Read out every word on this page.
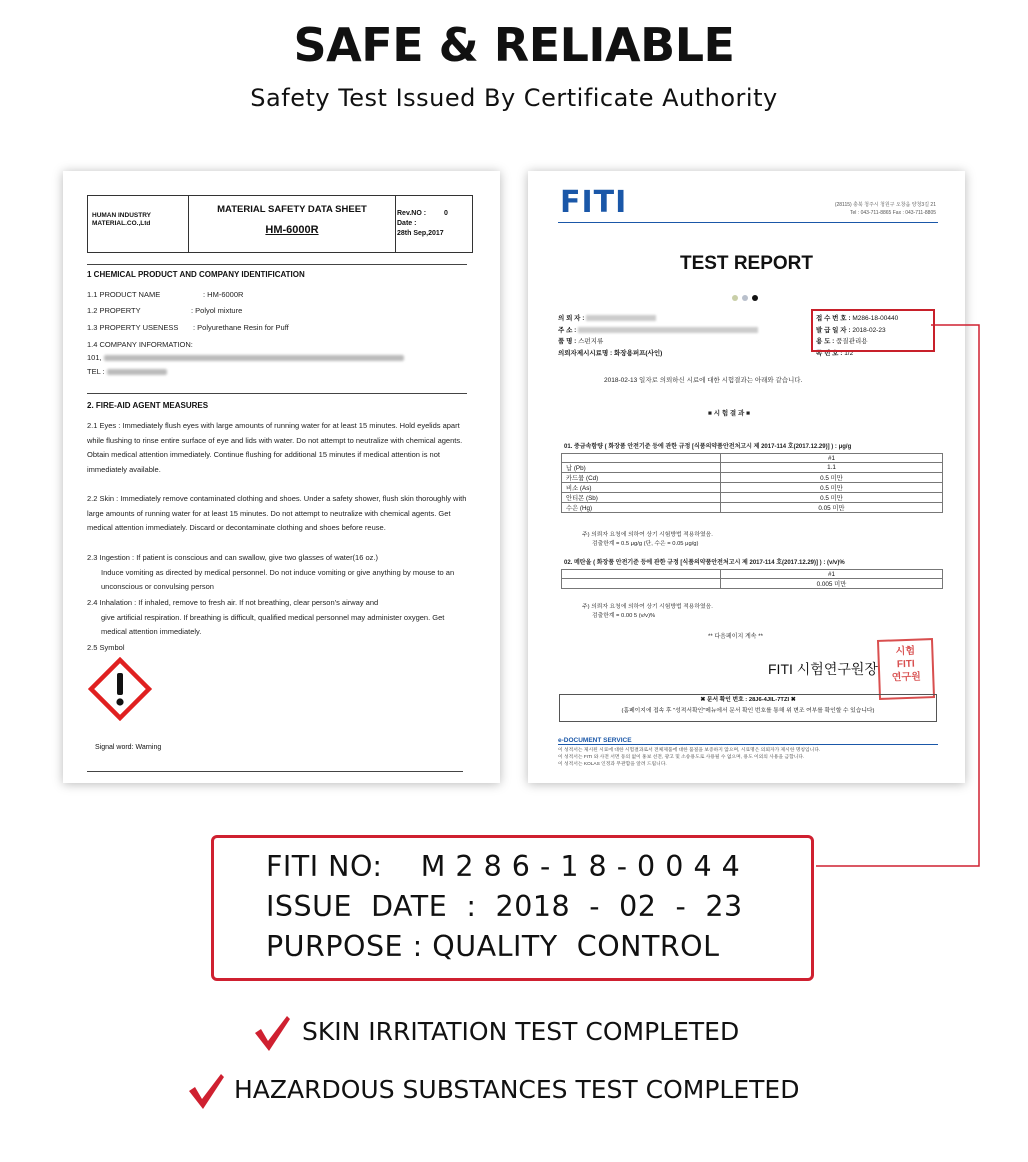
SAFE & RELIABLE
Safety Test Issued By Certificate Authority
HUMAN INDUSTRY MATERIAL.CO.,Ltd
MATERIAL SAFETY DATA SHEET
HM-6000R
Rev.NO :	0
Date :
28th Sep,2017
1 CHEMICAL PRODUCT AND COMPANY IDENTIFICATION
1.1 PRODUCT NAME	: HM-6000R
1.2 PROPERTY	: Polyol mixture
1.3 PROPERTY USENESS : Polyurethane Resin for Puff
1.4 COMPANY INFORMATION:
101,
TEL :
2. FIRE-AID AGENT MEASURES
2.1 Eyes : Immediately flush eyes with large amounts of running water for at least 15 minutes. Hold eyelids apart while flushing to rinse entire surface of eye and lids with water. Do not attempt to neutralize with chemical agents. Obtain medical attention immediately. Continue flushing for additional 15 minutes if medical attention is not immediately available.
2.2 Skin : Immediately remove contaminated clothing and shoes. Under a safety shower, flush skin thoroughly with large amounts of running water for at least 15 minutes. Do not attempt to neutralize with chemical agents. Get medical attention immediately. Discard or decontaminate clothing and shoes before reuse.
2.3 Ingestion : If patient is conscious and can swallow, give two glasses of water(16 oz.)
Induce vomiting as directed by medical personnel. Do not induce vomiting or give anything by mouse to an unconscious or convulsing person
2.4 Inhalation : If inhaled, remove to fresh air. If not breathing, clear person's airway and
give artificial respiration. If breathing is difficult, qualified medical personnel may administer oxygen. Get medical attention immediately.
2.5 Symbol
Signal word: Warning
FITI	(28115) 충북 청주시 청원구 오창읍 양청3길 21
Tel : 043-711-8865 Fax : 043-711-8805
TEST REPORT
의 뢰 자 :
주 소 :
품 명 : 스펀지류
의뢰자제시시료명 : 화장용퍼프(사인)
접 수 번 호 : M286-18-00440
발 급 일 자 : 2018-02-23
용 도 : 품질관리용
쪽 번 호 : 1/2
2018-02-13 일자로 의뢰하신 시료에 대한 시험결과는 아래와 같습니다.
■ 시 험 결 과 ■
01. 중금속함량 ( 화장품 안전기준 등에 관한 규정 [식품의약품안전처고시 제 2017-114 호(2017.12.29)] ) : μg/g
	#1
납 (Pb)	1.1
카드뮴 (Cd)	0.5 미만
비소 (As)	0.5 미만
안티몬 (Sb)	0.5 미만
수은 (Hg)	0.05 미만
주) 의뢰자 요청에 의하여 상기 시험방법 적용하였음.
검출한계 = 0.5 μg/g (단, 수은 = 0.05 μg/g)
02. 메탄올 ( 화장품 안전기준 등에 관한 규정 [식품의약품안전처고시 제 2017-114 호(2017.12.29)] ) : (v/v)%
	#1
	0.005 미만
주) 의뢰자 요청에 의하여 상기 시험방법 적용하였음.
검출한계 = 0.00 5 (v/v)%
** 다음페이지 계속 **
FITI 시험연구원장
시험
FITI
연구원
✖ 문서 확인 번호 : 28J6-4JIL-7TZI ✖
(홈페이지에 접속 후 "성적서확인"메뉴에서 문서 확인 번호를 통해 위 변조 여부를 확인할 수 있습니다)
e-DOCUMENT SERVICE
이 성적서는 제시된 시료에 대한 시험결과로서 전체제품에 대한 품질을 보증하지 않으며, 시료명은 의뢰자가 제시한 명칭입니다.
이 성적서는 FITI 와 사전 서면 동의 없이 홍보 선전, 광고 및 소송용도로 사용될 수 없으며, 용도 이외의 사용을 금합니다.
이 성적서는 KOLAS 인정과 무관함을 알려 드립니다.
FITI NO:    M 2 8 6 - 1 8 - 0 0 4 4
ISSUE  DATE  :  2018  -  02  -  23
PURPOSE : QUALITY  CONTROL
SKIN IRRITATION TEST COMPLETED
HAZARDOUS SUBSTANCES TEST COMPLETED
